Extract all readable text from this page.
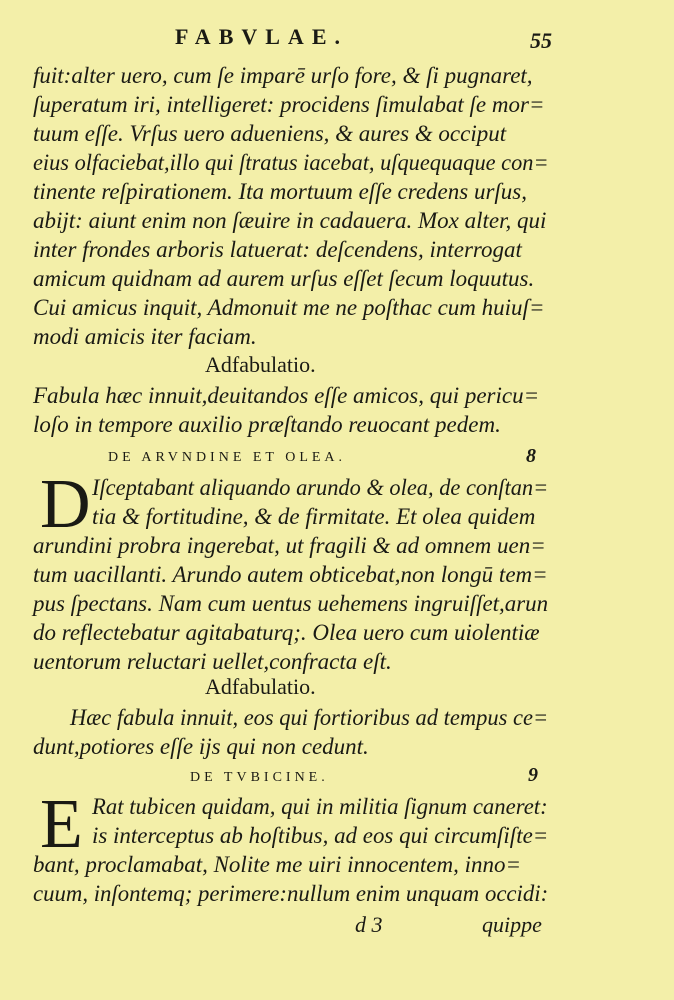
FABVLAE.	55
fuit:alter uero, cum ſe imparē urſo fore, & ſi pugnaret,
ſuperatum iri, intelligeret: procidens ſimulabat ſe mor=
tuum eſſe. Vrſus uero adueniens, & aures & occiput
eius olfaciebat,illo qui ſtratus iacebat, uſquequaque con=
tinente reſpirationem. Ita mortuum eſſe credens urſus,
abijt: aiunt enim non ſæuire in cadauera. Mox alter, qui
inter frondes arboris latuerat: deſcendens, interrogat
amicum quidnam ad aurem urſus eſſet ſecum loquutus.
Cui amicus inquit, Admonuit me ne poſthac cum huiuſ=
modi amicis iter faciam.
Adfabulatio.
Fabula hæc innuit,deuitandos eſſe amicos, qui pericu=
loſo in tempore auxilio præſtando reuocant pedem.
DE ARVNDINE ET OLEA.	8
D Iſceptabant aliquando arundo & olea, de conſtan=
tia & fortitudine, & de firmitate. Et olea quidem
arundini probra ingerebat, ut fragili & ad omnem uen=
tum uacillanti. Arundo autem obticebat,non longū tem=
pus ſpectans. Nam cum uentus uehemens ingruiſſet,arun
do reflectebatur agitabaturq;. Olea uero cum uiolentiæ
uentorum reluctari uellet,confracta eſt.
Adfabulatio.
Hæc fabula innuit, eos qui fortioribus ad tempus ce=
dunt,potiores eſſe ijs qui non cedunt.
DE TVBICINE.	9
E Rat tubicen quidam, qui in militia ſignum caneret:
is interceptus ab hoſtibus, ad eos qui circumſiſte=
bant, proclamabat, Nolite me uiri innocentem, inno=
cuum, inſontemq; perimere:nullum enim unquam occidi:
d 3	quippe
